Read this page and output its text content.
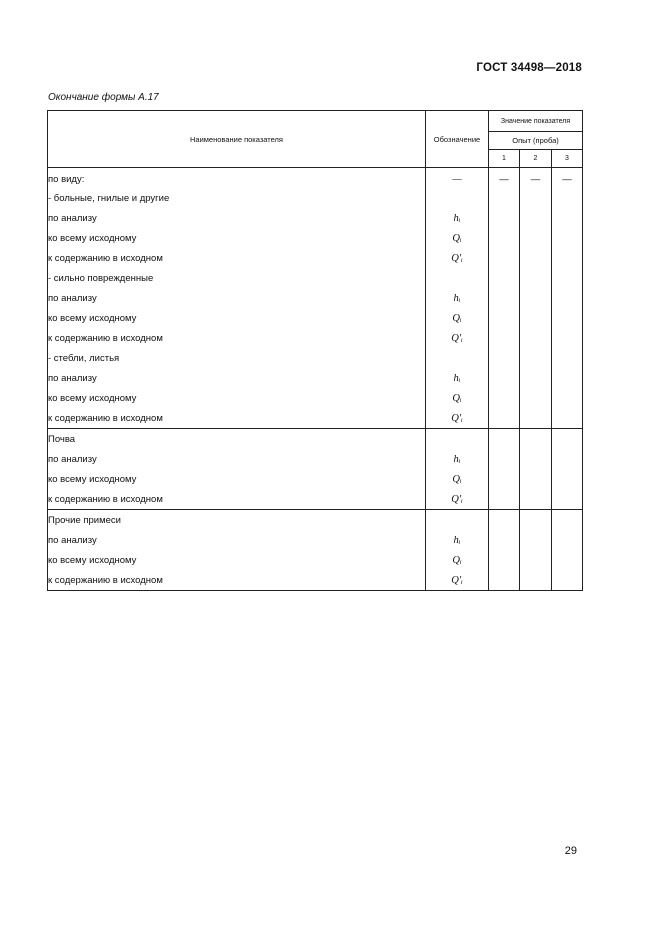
ГОСТ 34498—2018
Окончание формы А.17
Наименование показателя	Обозначение	Значение показателя		
		Опыт (проба)		
		1	2	3
по виду:	—	—	—	—
- больные, гнилые и другие				
по анализу	hᵢ			
ко всему исходному	Qᵢ			
к содержанию в исходном	Q'ᵢ			
- сильно поврежденные				
по анализу	hᵢ			
ко всему исходному	Qᵢ			
к содержанию в исходном	Q'ᵢ			
- стебли, листья				
по анализу	hᵢ			
ко всему исходному	Qᵢ			
к содержанию в исходном	Q'ᵢ			
Почва				
по анализу	hᵢ			
ко всему исходному	Qᵢ			
к содержанию в исходном	Q'ᵢ			
Прочие примеси				
по анализу	hᵢ			
ко всему исходному	Qᵢ			
к содержанию в исходном	Q'ᵢ			
29
